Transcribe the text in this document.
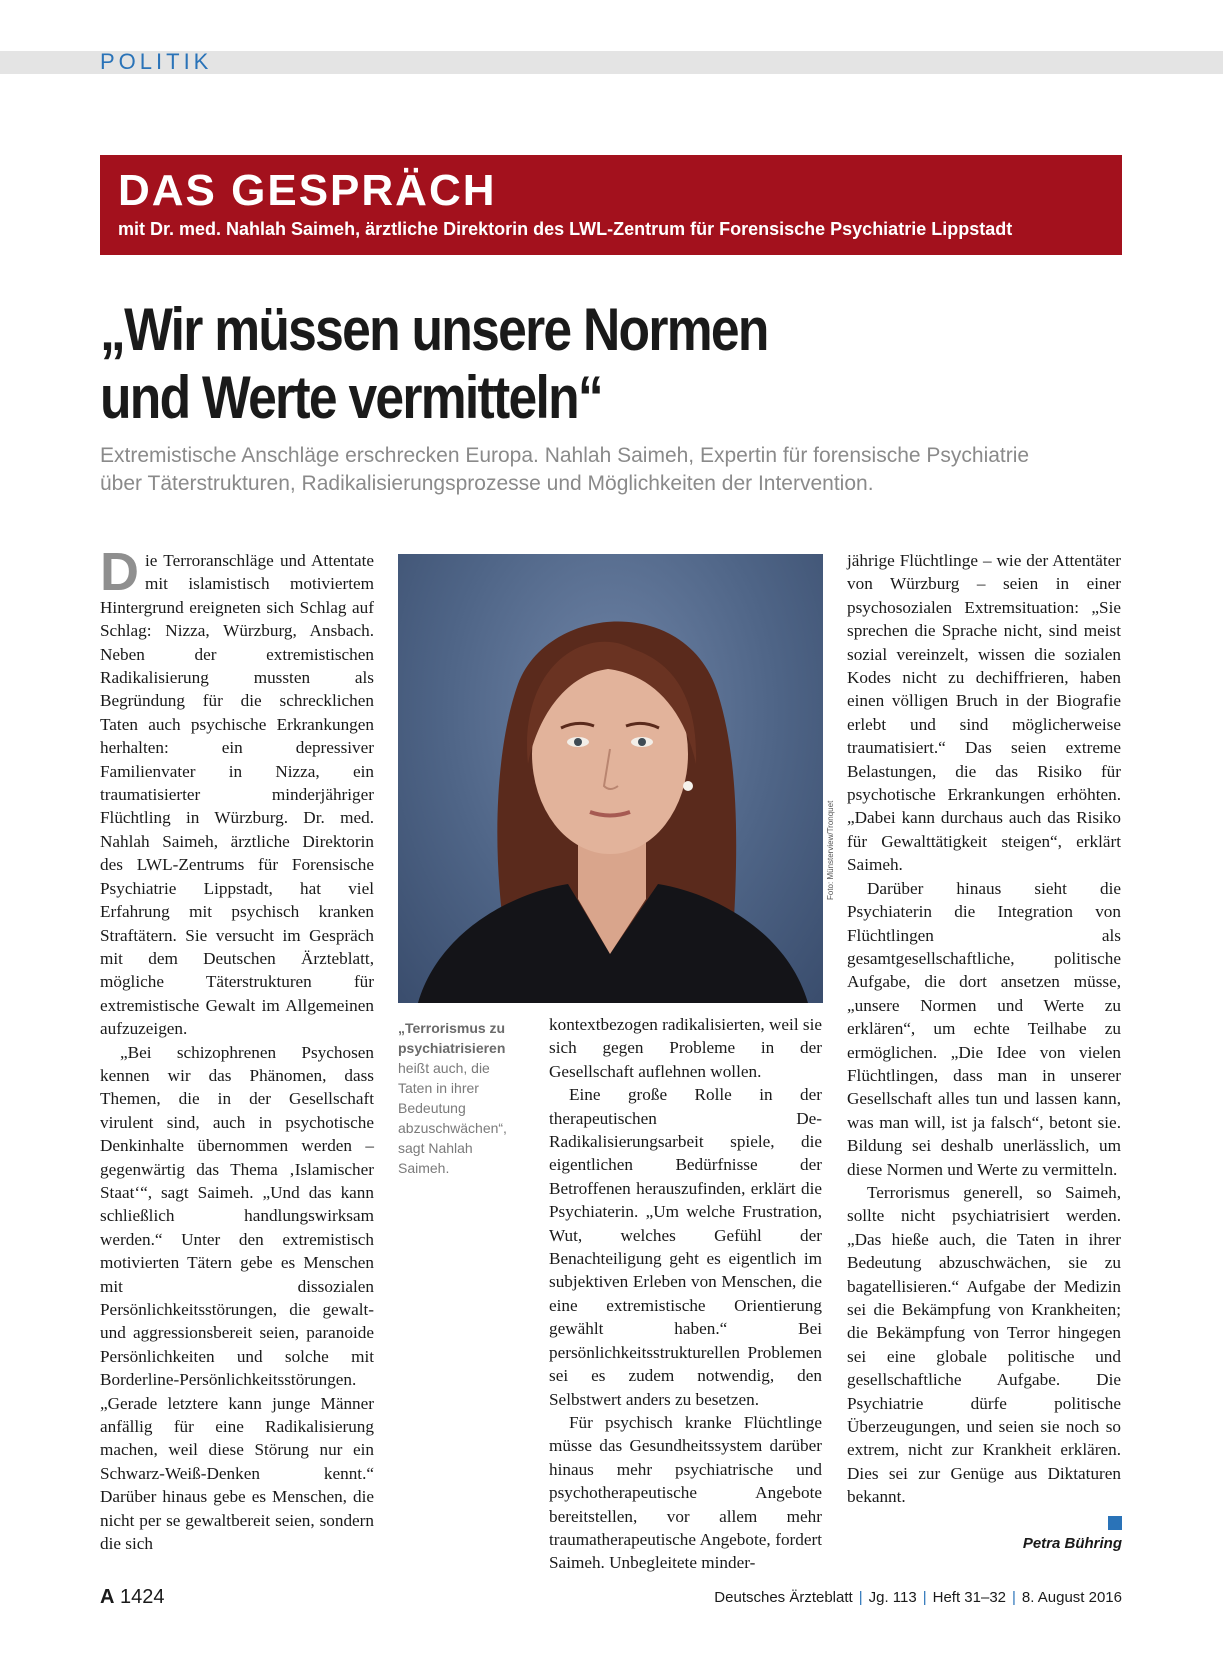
POLITIK
DAS GESPRÄCH
mit Dr. med. Nahlah Saimeh, ärztliche Direktorin des LWL-Zentrum für Forensische Psychiatrie Lippstadt
„Wir müssen unsere Normen
und Werte vermitteln“
Extremistische Anschläge erschrecken Europa. Nahlah Saimeh, Expertin für forensische Psychiatrie
über Täterstrukturen, Radikalisierungsprozesse und Möglichkeiten der Intervention.

Die Terroranschläge und Attentate mit islamistisch motiviertem Hintergrund ereigneten sich Schlag auf Schlag: Nizza, Würzburg, Ansbach. Neben der extremistischen Radikalisierung mussten als Begründung für die schrecklichen Taten auch psychische Erkrankungen herhalten: ein depressiver Familienvater in Nizza, ein traumatisierter minderjähriger Flüchtling in Würzburg. Dr. med. Nahlah Saimeh, ärztliche Direktorin des LWL-Zentrums für Forensische Psychiatrie Lippstadt, hat viel Erfahrung mit psychisch kranken Straftätern. Sie versucht im Gespräch mit dem Deutschen Ärzteblatt, mögliche Täterstrukturen für extremistische Gewalt im Allgemeinen aufzuzeigen.

„Bei schizophrenen Psychosen kennen wir das Phänomen, dass Themen, die in der Gesellschaft virulent sind, auch in psychotische Denkinhalte übernommen werden – gegenwärtig das Thema ‚Islamischer Staat‘“, sagt Saimeh. „Und das kann schließlich handlungswirksam werden.“ Unter den extremistisch motivierten Tätern gebe es Menschen mit dissozialen Persönlichkeitsstörungen, die gewalt- und aggressionsbereit seien, paranoide Persönlichkeiten und solche mit Borderline-Persönlichkeitsstörungen. „Gerade letztere kann junge Männer anfällig für eine Radikalisierung machen, weil diese Störung nur ein Schwarz-Weiß-Denken kennt.“ Darüber hinaus gebe es Menschen, die nicht per se gewaltbereit seien, sondern die sich

Foto: Münsterview/Tronquet
„Terrorismus zu psychiatrisieren heißt auch, die Taten in ihrer Bedeutung abzuschwächen“, sagt Nahlah Saimeh.

kontextbezogen radikalisierten, weil sie sich gegen Probleme in der Gesellschaft auflehnen wollen.

Eine große Rolle in der therapeutischen De-Radikalisierungsarbeit spiele, die eigentlichen Bedürfnisse der Betroffenen herauszufinden, erklärt die Psychiaterin. „Um welche Frustration, Wut, welches Gefühl der Benachteiligung geht es eigentlich im subjektiven Erleben von Menschen, die eine extremistische Orientierung gewählt haben.“ Bei persönlichkeitsstrukturellen Problemen sei es zudem notwendig, den Selbstwert anders zu besetzen.

Für psychisch kranke Flüchtlinge müsse das Gesundheitssystem darüber hinaus mehr psychiatrische und psychotherapeutische Angebote bereitstellen, vor allem mehr traumatherapeutische Angebote, fordert Saimeh. Unbegleitete minder-

jährige Flüchtlinge – wie der Attentäter von Würzburg – seien in einer psychosozialen Extremsituation: „Sie sprechen die Sprache nicht, sind meist sozial vereinzelt, wissen die sozialen Kodes nicht zu dechiffrieren, haben einen völligen Bruch in der Biografie erlebt und sind möglicherweise traumatisiert.“ Das seien extreme Belastungen, die das Risiko für psychotische Erkrankungen erhöhten. „Dabei kann durchaus auch das Risiko für Gewalttätigkeit steigen“, erklärt Saimeh.

Darüber hinaus sieht die Psychiaterin die Integration von Flüchtlingen als gesamtgesellschaftliche, politische Aufgabe, die dort ansetzen müsse, „unsere Normen und Werte zu erklären“, um echte Teilhabe zu ermöglichen. „Die Idee von vielen Flüchtlingen, dass man in unserer Gesellschaft alles tun und lassen kann, was man will, ist ja falsch“, betont sie. Bildung sei deshalb unerlässlich, um diese Normen und Werte zu vermitteln.

Terrorismus generell, so Saimeh, sollte nicht psychiatrisiert werden. „Das hieße auch, die Taten in ihrer Bedeutung abzuschwächen, sie zu bagatellisieren.“ Aufgabe der Medizin sei die Bekämpfung von Krankheiten; die Bekämpfung von Terror hingegen sei eine globale politische und gesellschaftliche Aufgabe. Die Psychiatrie dürfe politische Überzeugungen, und seien sie noch so extrem, nicht zur Krankheit erklären. Dies sei zur Genüge aus Diktaturen bekannt.

Petra Bühring
A 1424	Deutsches Ärzteblatt | Jg. 113 | Heft 31–32 | 8. August 2016
